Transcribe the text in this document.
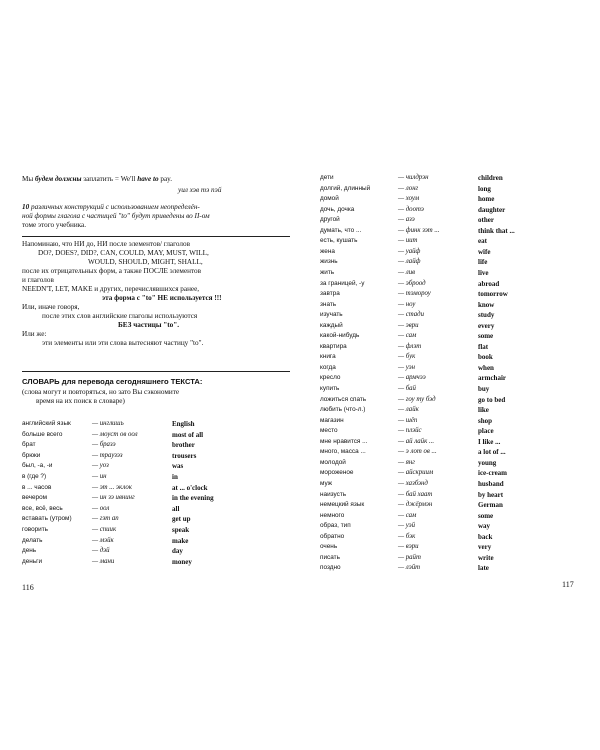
Мы будем должны заплатить = We'll have to pay.
уил хэв тэ пэй
10 различных конструкций с использованием неопределён-
ной формы глаголa с частицей "to" будут приведены во II-ом
томе этого учебника.
Напоминаю, что НИ до, НИ после элементов/ глаголов
DO?, DOES?, DID?, CAN, COULD, MAY, MUST, WILL,
WOULD, SHOULD, MIGHT, SHALL,
после их отрицательных форм, а также ПОСЛЕ элементов
и глаголов
NEEDN'T, LET, MAKE и других, перечислявшихся ранее,
эта форма с "to" НЕ используется !!!
Или, иначе говоря,
после этих слов английские глаголы используются
БЕЗ частицы "to".
Или же:
эти элементы или эти слова вытесняют частицу "to".
СЛОВАРЬ для перевода сегодняшнего ТЕКСТА:
(слова могут и повторяться, но зато Вы сэкономите
время на их поиск в словаре)
английский язык	— инглишь	English
больше всего	— моуст ов оол	most of all
брат	— бразэ	brother
брюки	— траузэз	trousers
был, -а, -и	— уоз	was
в (где ?)	— ин	in
в ... часов	— эт ... эклок	at ... o'clock
вечером	— ин зэ ивнинг	in the evening
все, всё, весь	— оол	all
вставать (утром)	— гэт ап	get up
говорить	— спиик	speak
делать	— мэйк	make
день	— дэй	day
деньги	— мани	money
116
дети	— чилдрэн	children
долгий, длинный	— лонг	long
домой	— хоум	home
дочь, дочка	— доотэ	daughter
другой	— азэ	other
думать, что ...	— финк зэт ...	think that ...
есть, кушать	— иит	eat
жена	— уайф	wife
жизнь	— лайф	life
жить	— лив	live
за границей, -у	— эброод	abroad
завтра	— тэмороу	tomorrow
знать	— ноу	know
изучать	— стади	study
каждый	— эври	every
какой-нибудь	— сам	some
квартира	— флэт	flat
книга	— бук	book
когда	— уэн	when
кресло	— армчээ	armchair
купить	— бай	buy
ложиться спать	— гоу ту бэд	go to bed
любить (что-л.)	— лайк	like
магазин	— шёп	shop
место	— плэйс	place
мне нравится ...	— ай лайк ...	I like ...
много, масса ...	— э лот ов ...	a lot of ...
молодой	— янг	young
мороженое	— айскриим	ice-cream
муж	— хазбэнд	husband
наизусть	— бай хаат	by heart
немецкий язык	— джёрмэн	German
немного	— сам	some
образ, тип	— уэй	way
обратно	— бэк	back
очень	— вэри	very
писать	— райт	write
поздно	— лэйт	late
117
